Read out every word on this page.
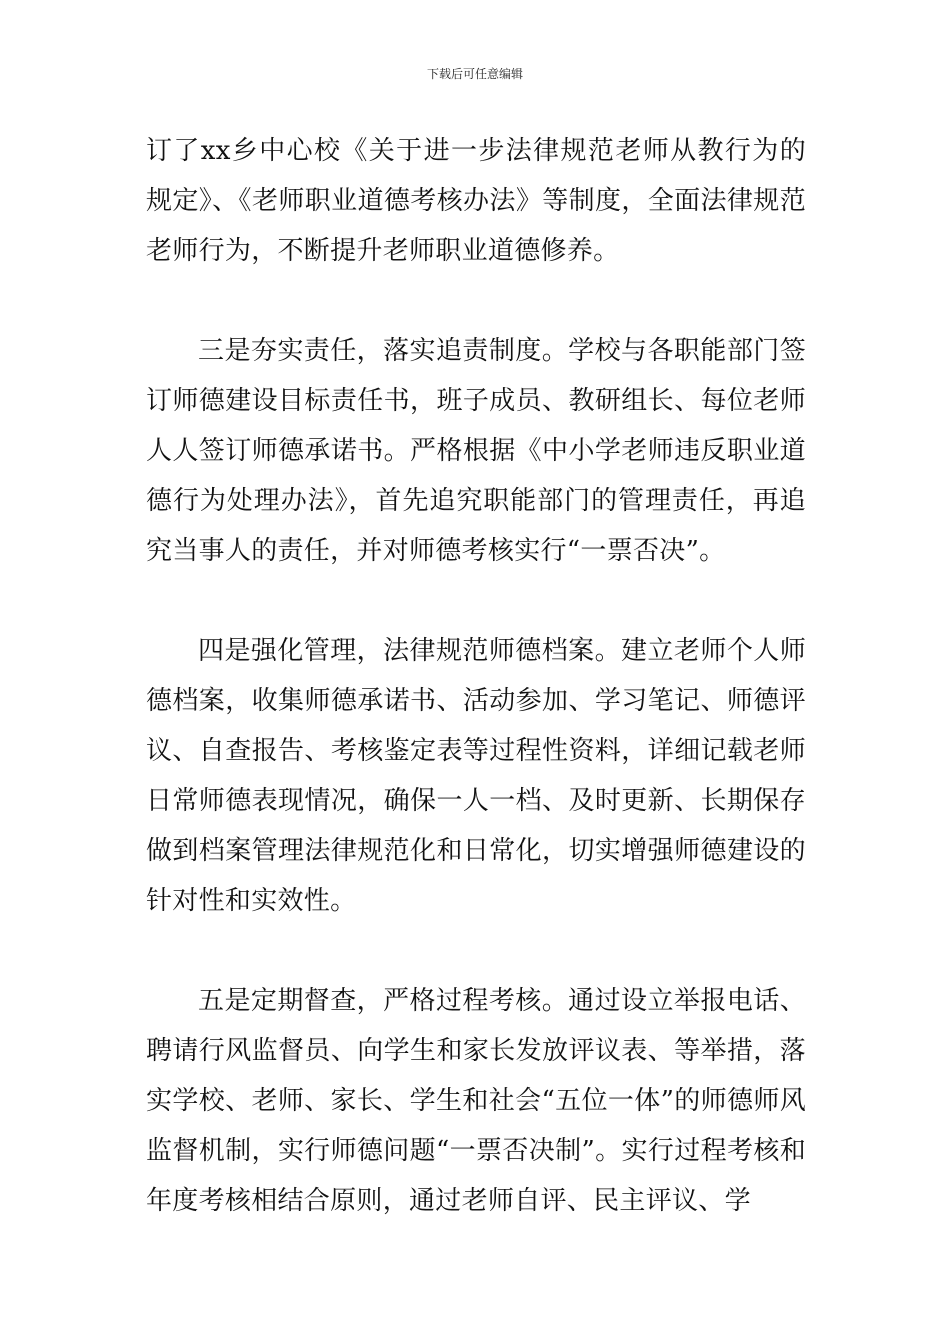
下载后可任意编辑

订了xx乡中心校《关于进一步法律规范老师从教行为的规定》、《老师职业道德考核办法》等制度，全面法律规范老师行为，不断提升老师职业道德修养。

三是夯实责任，落实追责制度。学校与各职能部门签订师德建设目标责任书，班子成员、教研组长、每位老师人人签订师德承诺书。严格根据《中小学老师违反职业道德行为处理办法》，首先追究职能部门的管理责任，再追究当事人的责任，并对师德考核实行“一票否决”。

四是强化管理，法律规范师德档案。建立老师个人师德档案，收集师德承诺书、活动参加、学习笔记、师德评议、自查报告、考核鉴定表等过程性资料，详细记载老师日常师德表现情况，确保一人一档、及时更新、长期保存做到档案管理法律规范化和日常化，切实增强师德建设的针对性和实效性。

五是定期督查，严格过程考核。通过设立举报电话、聘请行风监督员、向学生和家长发放评议表、等举措，落实学校、老师、家长、学生和社会“五位一体”的师德师风监督机制，实行师德问题“一票否决制”。实行过程考核和年度考核相结合原则，通过老师自评、民主评议、学
